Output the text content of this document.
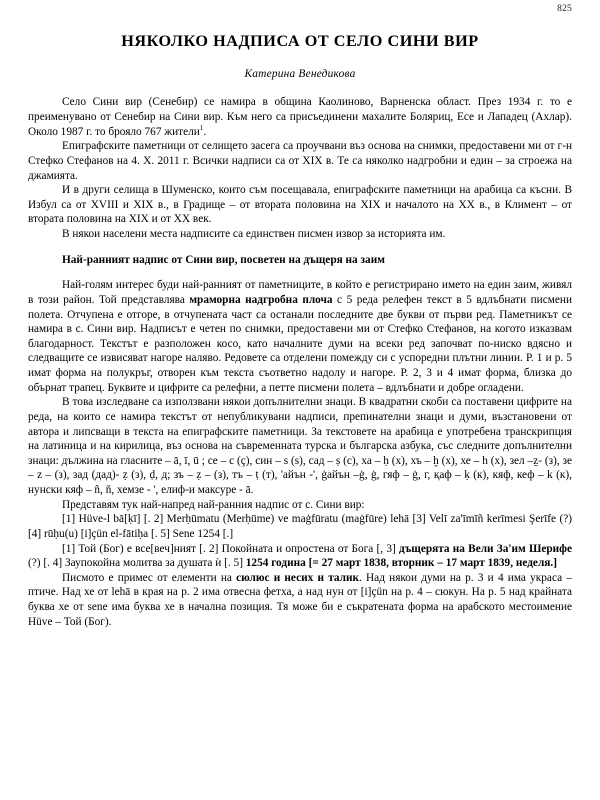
825
НЯКОЛКО НАДПИСА ОТ СЕЛО СИНИ ВИР
Катерина Венедикова

Село Сини вир (Сенебир) се намира в община Каолиново, Варненска област. През 1934 г. то е преименувано от Сенебир на Сини вир. Към него са присъединени махалите Боляриц, Есе и Лападец (Ахлар). Около 1987 г. то брояло 767 жители$^1$.

Епиграфските паметници от селището засега са проучвани въз основа на снимки, предоставени ми от г-н Стефко Стефанов на 4. X. 2011 г. Всички надписи са от XIX в. Те са няколко надгробни и един – за строежа на джамията.

И в други селища в Шуменско, които съм посещавала, епиграфските паметници на арабица са късни. В Избул са от XVIII и XIX в., в Градище – от втората половина на XIX и началото на XX в., в Климент – от втората половина на XIX и от XX век.

В някои населени места надписите са единствен писмен извор за историята им.

Най-ранният надпис от Сини вир, посветен на дъщеря на заим

Най-голям интерес буди най-ранният от паметниците, в който е регистрирано името на един заим, живял в този район. Той представлява мраморна надгробна плоча с 5 реда релефен текст в 5 вдлъбнати писмени полета. Отчупена е отгоре, в отчупената част са останали последните две букви от първи ред. Паметникът се намира в с. Сини вир. Надписът е четен по снимки, предоставени ми от Стефко Стефанов, на когото изказвам благодарност. Текстът е разположен косо, като началните думи на всеки ред започват по-ниско вдясно и следващите се извисяват нагоре наляво. Редовете са отделени помежду си с успоредни плътни линии. Р. 1 и р. 5 имат форма на полукръг, отворен към текста съответно надолу и нагоре. Р. 2, 3 и 4 имат форма, близка до обърнат трапец. Буквите и цифрите са релефни, а петте писмени полета – вдлъбнати и добре огладени.

В това изследване са използвани някои допълнителни знаци. В квадратни скоби са поставени цифрите на реда, на които се намира текстът от непубликувани надписи, препинателни знаци и думи, възстановени от автора и липсващи в текста на епиграфските паметници. За текстовете на арабица е употребена транскрипция на латиница и на кирилица, въз основа на съвременната турска и българска азбука, със следните допълнителни знаци: дължина на гласните – ā, ī, ū ; ce – c (ç), син – s (s), сад – ṣ (с), ха – ḥ (х), хъ – ḫ (х), хе – h (х), зел –ẕ- (з), зе – z – (з), зад (дад)- ẓ (з), ḍ, д; зъ – ẓ – (з), тъ – ṭ (т), 'айън -', ġайън –ġ, ġ, гяф – ġ, г, қаф – ḳ (к), кяф, кеф – k (к), нунски кяф – ñ, ň, хемзе - ', елиф-и максуре - ā.

Представям тук най-напред най-ранния надпис от с. Сини вир:

[1] Hüve-l bā[ḳī] [. 2] Merḥūmatu (Merḥūme) ve maġfūratu (maġfūre) lehā [3] Velī za'īmīñ kerīmesi Şerīfe (?) [4] rūḥu(u) [i]çün el-fātiḥa [. 5] Sene 1254 [.]

[1] Той (Бог) е все[веч]ният [. 2] Покойната и опростена от Бога [, 3] дъщерята на Вели За'им Шерифе (?) [. 4] Заупокойна молитва за душата ѝ [. 5] 1254 година [= 27 март 1838, вторник – 17 март 1839, неделя.]

Писмото е примес от елементи на сюлюс и несих и талик. Над някои думи на р. 3 и 4 има украса – птиче. Над хе от lehā в края на р. 2 има отвесна фетха, а над нун от [i]çün на р. 4 – сюкун. На р. 5 над крайната буква хе от sene има буква хе в начална позиция. Тя може би е съкратената форма на арабското местоимение Hüve – Той (Бог).
